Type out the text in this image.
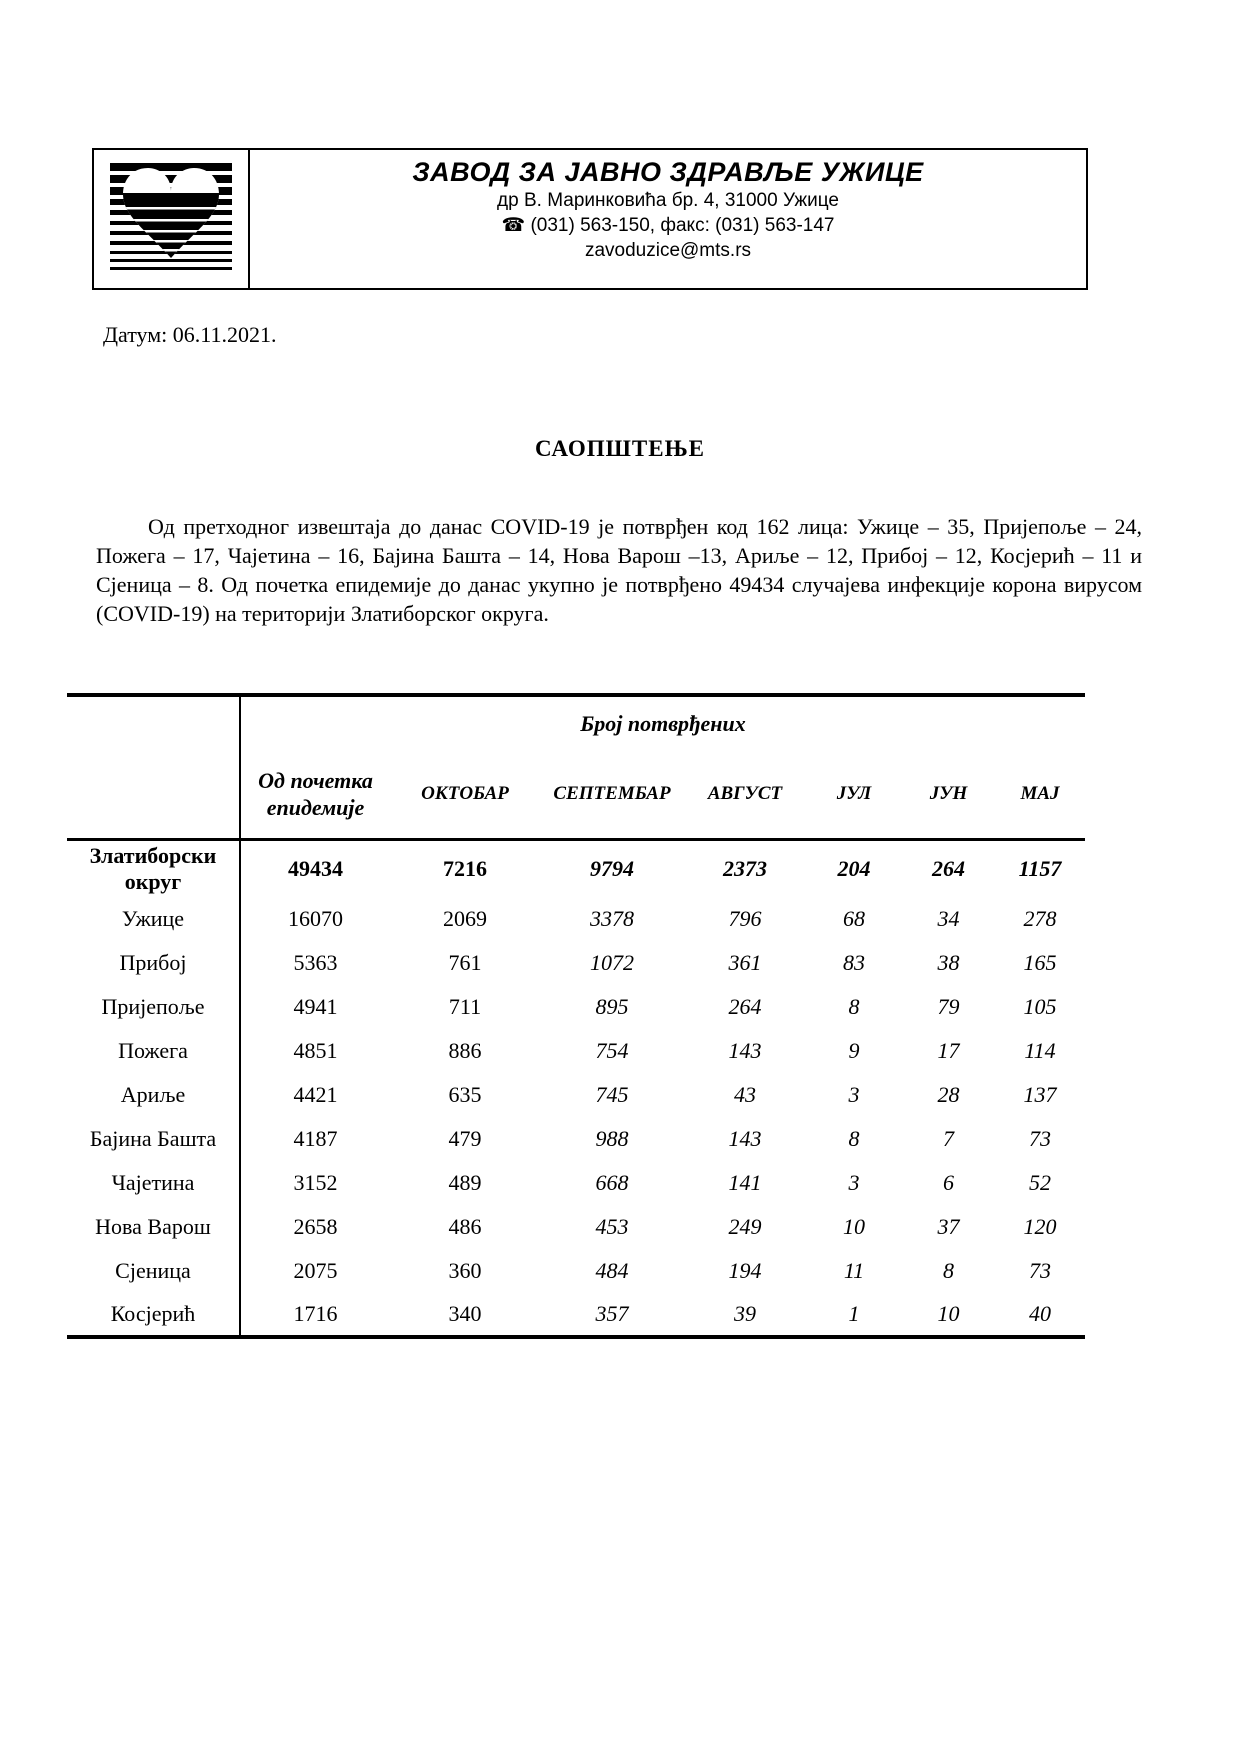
ЗАВОД ЗА ЈАВНО ЗДРАВЉЕ УЖИЦЕ
др В. Маринковића бр. 4, 31000 Ужице
☎ (031) 563-150, факс: (031) 563-147
zavoduzice@mts.rs
Датум: 06.11.2021.
САОПШТЕЊЕ
Од претходног извештаја до данас COVID-19 је потврђен код 162 лица: Ужице – 35, Пријепоље – 24, Пожега – 17, Чајетина – 16, Бајина Башта – 14, Нова Варош –13, Ариље – 12, Прибој – 12, Косјерић – 11 и Сјеница – 8. Од почетка епидемије до данас укупно је потврђено 49434 случајева инфекције корона вирусом (COVID-19) на територији Златиборског округа.
	Број потврђених						
	Од почетка епидемије	ОКТОБАР	СЕПТЕМБАР	АВГУСТ	ЈУЛ	ЈУН	МАЈ
Златиборски округ	49434	7216	9794	2373	204	264	1157
Ужице	16070	2069	3378	796	68	34	278
Прибој	5363	761	1072	361	83	38	165
Пријепоље	4941	711	895	264	8	79	105
Пожега	4851	886	754	143	9	17	114
Ариље	4421	635	745	43	3	28	137
Бајина Башта	4187	479	988	143	8	7	73
Чајетина	3152	489	668	141	3	6	52
Нова Варош	2658	486	453	249	10	37	120
Сјеница	2075	360	484	194	11	8	73
Косјерић	1716	340	357	39	1	10	40
